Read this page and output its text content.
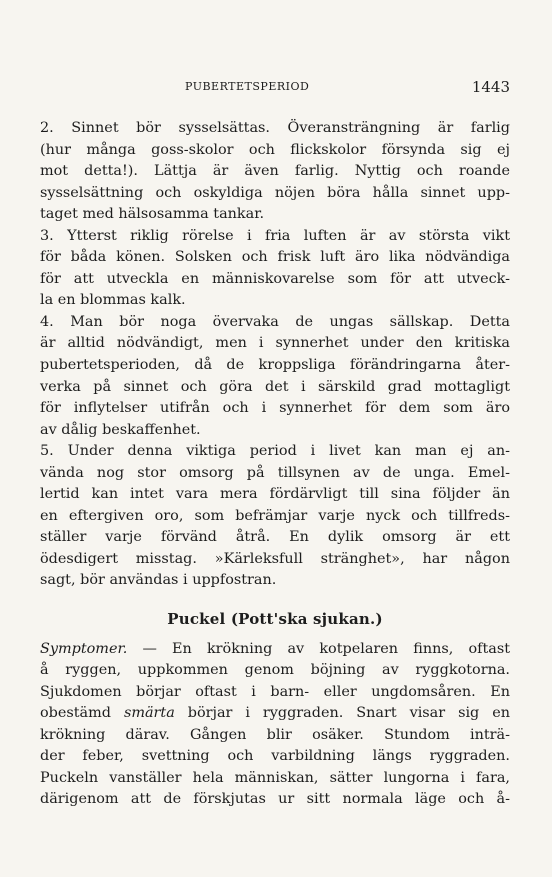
PUBERTETSPERIOD	1443
2. Sinnet bör sysselsättas. Överansträngning är farlig
(hur många goss-skolor och flickskolor försynda sig ej
mot detta!). Lättja är även farlig. Nyttig och roande
sysselsättning och oskyldiga nöjen böra hålla sinnet upp-
taget med hälsosamma tankar.
3. Ytterst riklig rörelse i fria luften är av största vikt
för båda könen. Solsken och frisk luft äro lika nödvändiga
för att utveckla en människovarelse som för att utveck-
la en blommas kalk.
4. Man bör noga övervaka de ungas sällskap. Detta
är alltid nödvändigt, men i synnerhet under den kritiska
pubertetsperioden, då de kroppsliga förändringarna åter-
verka på sinnet och göra det i särskild grad mottagligt
för inflytelser utifrån och i synnerhet för dem som äro
av dålig beskaffenhet.
5. Under denna viktiga period i livet kan man ej an-
vända nog stor omsorg på tillsynen av de unga. Emel-
lertid kan intet vara mera fördärvligt till sina följder än
en eftergiven oro, som befrämjar varje nyck och tillfreds-
ställer varje förvänd åtrå. En dylik omsorg är ett
ödesdigert misstag. »Kärleksfull stränghet», har någon
sagt, bör användas i uppfostran.
Puckel (Pott'ska sjukan.)
Symptomer. — En krökning av kotpelaren finns, oftast
å ryggen, uppkommen genom böjning av ryggkotorna.
Sjukdomen börjar oftast i barn- eller ungdomsåren. En
obestämd smärta börjar i ryggraden. Snart visar sig en
krökning därav. Gången blir osäker. Stundom inträ-
der feber, svettning och varbildning längs ryggraden.
Puckeln vanställer hela människan, sätter lungorna i fara,
därigenom att de förskjutas ur sitt normala läge och å-
